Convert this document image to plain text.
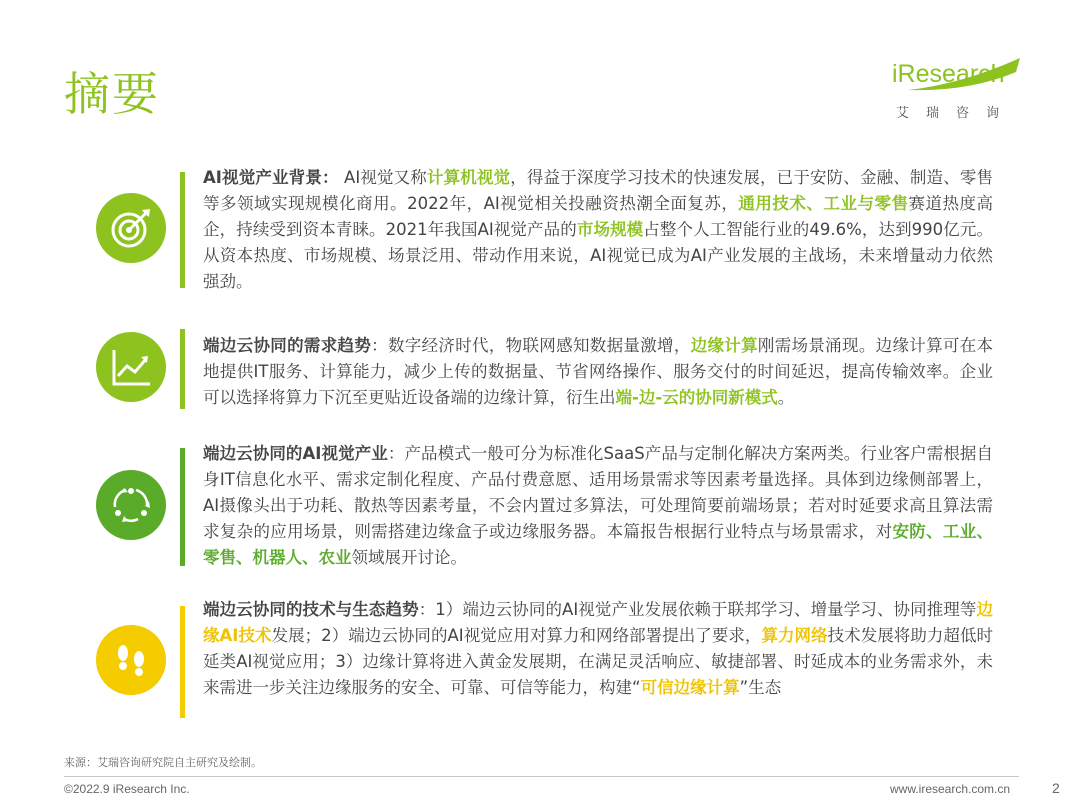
摘要	iResearch
艾瑞咨询
AI视觉产业背景： AI视觉又称计算机视觉，得益于深度学习技术的快速发展，已于安防、金融、制造、零售等多领域实现规模化商用。2022年，AI视觉相关投融资热潮全面复苏，通用技术、工业与零售赛道热度高企，持续受到资本青睐。2021年我国AI视觉产品的市场规模占整个人工智能行业的49.6%，达到990亿元。从资本热度、市场规模、场景泛用、带动作用来说，AI视觉已成为AI产业发展的主战场，未来增量动力依然强劲。
端边云协同的需求趋势：数字经济时代，物联网感知数据量激增，边缘计算刚需场景涌现。边缘计算可在本地提供IT服务、计算能力，减少上传的数据量、节省网络操作、服务交付的时间延迟，提高传输效率。企业可以选择将算力下沉至更贴近设备端的边缘计算，衍生出端-边-云的协同新模式。
端边云协同的AI视觉产业：产品模式一般可分为标准化SaaS产品与定制化解决方案两类。行业客户需根据自身IT信息化水平、需求定制化程度、产品付费意愿、适用场景需求等因素考量选择。具体到边缘侧部署上，AI摄像头出于功耗、散热等因素考量，不会内置过多算法，可处理简要前端场景；若对时延要求高且算法需求复杂的应用场景，则需搭建边缘盒子或边缘服务器。本篇报告根据行业特点与场景需求，对安防、工业、零售、机器人、农业领域展开讨论。
端边云协同的技术与生态趋势：1）端边云协同的AI视觉产业发展依赖于联邦学习、增量学习、协同推理等边缘AI技术发展；2）端边云协同的AI视觉应用对算力和网络部署提出了要求，算力网络技术发展将助力超低时延类AI视觉应用；3）边缘计算将进入黄金发展期，在满足灵活响应、敏捷部署、时延成本的业务需求外，未来需进一步关注边缘服务的安全、可靠、可信等能力，构建“可信边缘计算”生态
来源：艾瑞咨询研究院自主研究及绘制。
©2022.9 iResearch Inc.	www.iresearch.com.cn	2
